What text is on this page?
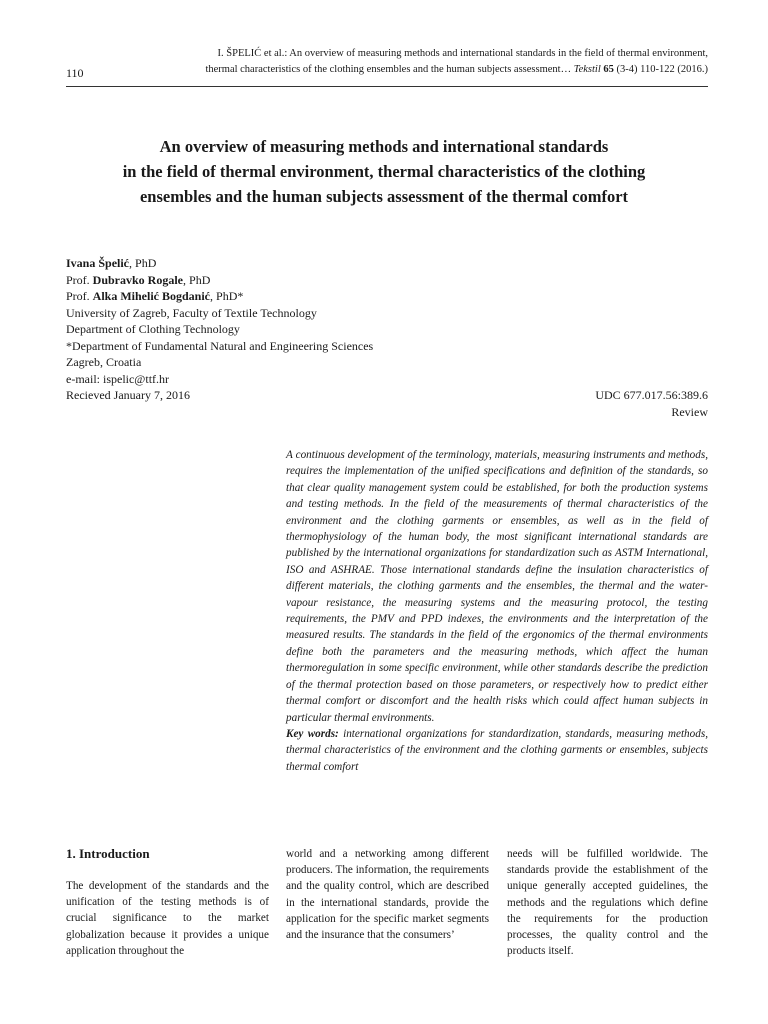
110
I. ŠPELIĆ et al.: An overview of measuring methods and international standards in the field of thermal environment,
thermal characteristics of the clothing ensembles and the human subjects assessment… Tekstil 65 (3-4) 110-122 (2016.)
An overview of measuring methods and international standards
in the field of thermal environment, thermal characteristics of the clothing
ensembles and the human subjects assessment of the thermal comfort
Ivana Špelić, PhD
Prof. Dubravko Rogale, PhD
Prof. Alka Mihelić Bogdanić, PhD*
University of Zagreb, Faculty of Textile Technology
Department of Clothing Technology
*Department of Fundamental Natural and Engineering Sciences
Zagreb, Croatia
e-mail: ispelic@ttf.hr
Recieved January 7, 2016	UDC 677.017.56:389.6
Review

A continuous development of the terminology, materials, measuring instruments and methods, requires the implementation of the unified specifications and definition of the standards, so that clear quality management system could be established, for both the production systems and testing methods. In the field of the measurements of thermal characteristics of the environment and the clothing garments or ensembles, as well as in the field of thermophysiology of the human body, the most significant international standards are published by the international organizations for standardization such as ASTM International, ISO and ASHRAE. Those international standards define the insulation characteristics of different materials, the clothing garments and the ensembles, the thermal and the water-vapour resistance, the measuring systems and the measuring protocol, the testing requirements, the PMV and PPD indexes, the environments and the interpretation of the measured results. The standards in the field of the ergonomics of the thermal environments define both the parameters and the measuring methods, which affect the human thermoregulation in some specific environment, while other standards describe the prediction of the thermal protection based on those parameters, or respectively how to predict either thermal comfort or discomfort and the health risks which could affect human subjects in particular thermal environments.
Key words: international organizations for standardization, standards, measuring methods, thermal characteristics of the environment and the clothing garments or ensembles, subjects thermal comfort

1. Introduction

The development of the standards and the unification of the testing methods is of crucial significance to the market globalization because it provides a unique application throughout the

world and a networking among different producers. The information, the requirements and the quality control, which are described in the international standards, provide the application for the specific market segments and the insurance that the consumers’

needs will be fulfilled worldwide. The standards provide the establishment of the unique generally accepted guidelines, the methods and the regulations which define the requirements for the production processes, the quality control and the products itself.
